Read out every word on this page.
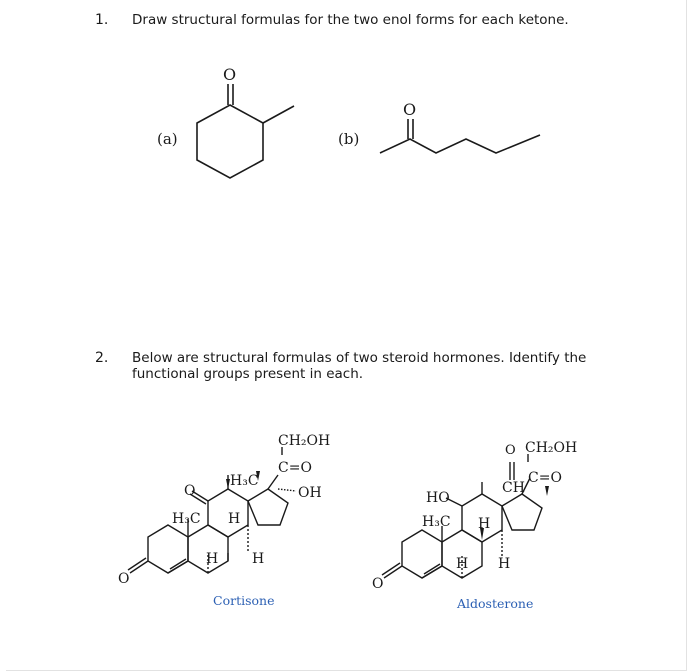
1. Draw structural formulas for the two enol forms for each ketone.
(a)	(b)
O
O
2. Below are structural formulas of two steroid hormones. Identify the
functional groups present in each.
CH₂OH
C=O
OH
H₃C
H₃C H
H H
O
O
Cortisone
O CH₂OH
C=O
CH
HO
H₃C H
H H
O
Aldosterone
